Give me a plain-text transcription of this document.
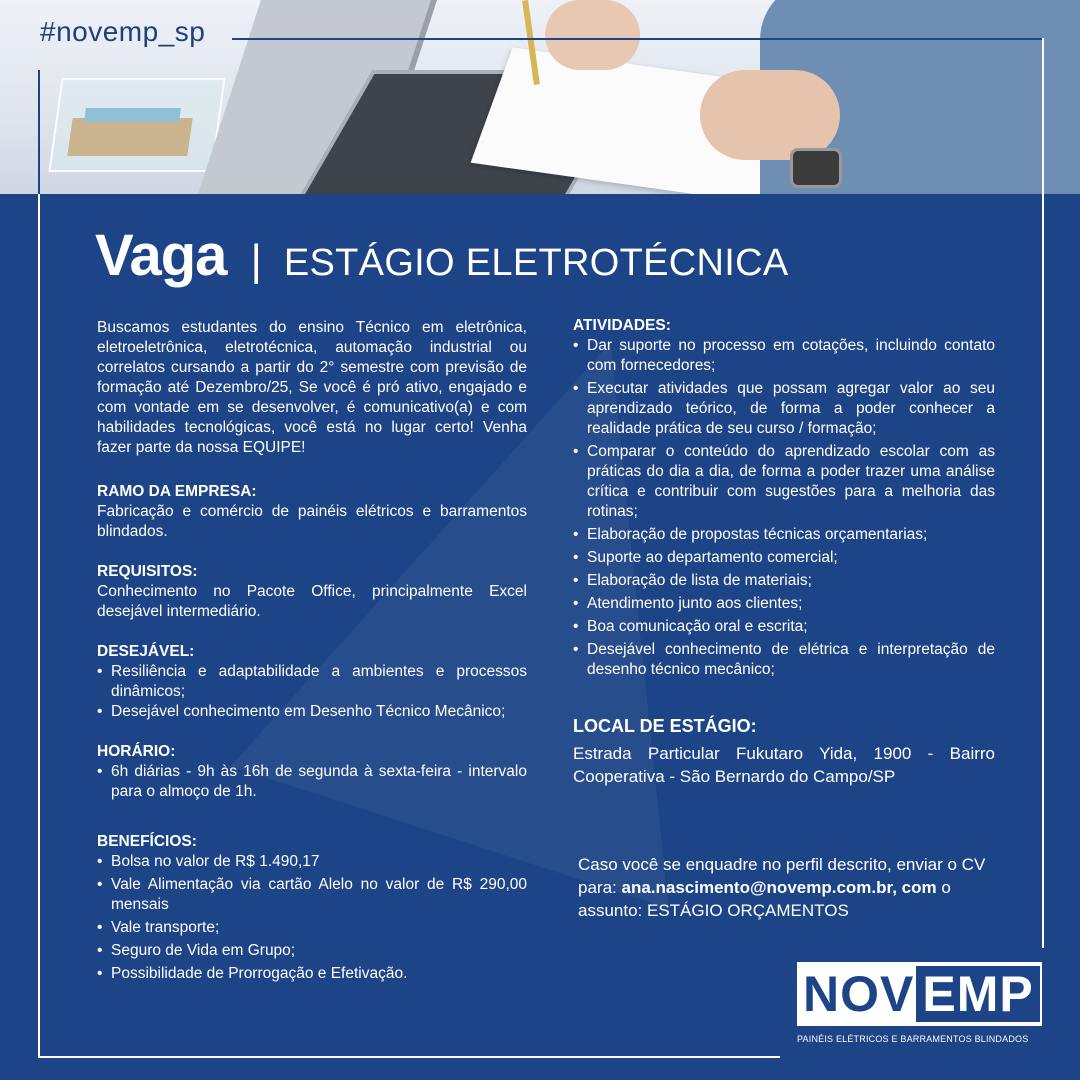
#novemp_sp
Vaga | ESTÁGIO ELETROTÉCNICA

Buscamos estudantes do ensino Técnico em eletrônica, eletroeletrônica, eletrotécnica, automação industrial ou correlatos cursando a partir do 2° semestre com previsão de formação até Dezembro/25, Se você é pró ativo, engajado e com vontade em se desenvolver, é comunicativo(a) e com habilidades tecnológicas, você está no lugar certo! Venha fazer parte da nossa EQUIPE!

RAMO DA EMPRESA:

Fabricação e comércio de painéis elétricos e barramentos blindados.

REQUISITOS:

Conhecimento no Pacote Office, principalmente Excel desejável intermediário.

DESEJÁVEL:

• Resiliência e adaptabilidade a ambientes e processos dinâmicos;
• Desejável conhecimento em Desenho Técnico Mecânico;

HORÁRIO:

• 6h diárias - 9h às 16h de segunda à sexta-feira - intervalo para o almoço de 1h.

BENEFÍCIOS:

• Bolsa no valor de R$ 1.490,17
• Vale Alimentação via cartão Alelo no valor de R$ 290,00 mensais
• Vale transporte;
• Seguro de Vida em Grupo;
• Possibilidade de Prorrogação e Efetivação.

ATIVIDADES:

• Dar suporte no processo em cotações, incluindo contato com fornecedores;
• Executar atividades que possam agregar valor ao seu aprendizado teórico, de forma a poder conhecer a realidade prática de seu curso / formação;
• Comparar o conteúdo do aprendizado escolar com as práticas do dia a dia, de forma a poder trazer uma análise crítica e contribuir com sugestões para a melhoria das rotinas;
• Elaboração de propostas técnicas orçamentarias;
• Suporte ao departamento comercial;
• Elaboração de lista de materiais;
• Atendimento junto aos clientes;
• Boa comunicação oral e escrita;
• Desejável conhecimento de elétrica e interpretação de desenho técnico mecânico;

LOCAL DE ESTÁGIO:

Estrada Particular Fukutaro Yida, 1900 - Bairro Cooperativa - São Bernardo do Campo/SP

Caso você se enquadre no perfil descrito, enviar o CV para: ana.nascimento@novemp.com.br, com o assunto: ESTÁGIO ORÇAMENTOS
NOV EMP
PAINÉIS ELÉTRICOS E BARRAMENTOS BLINDADOS
